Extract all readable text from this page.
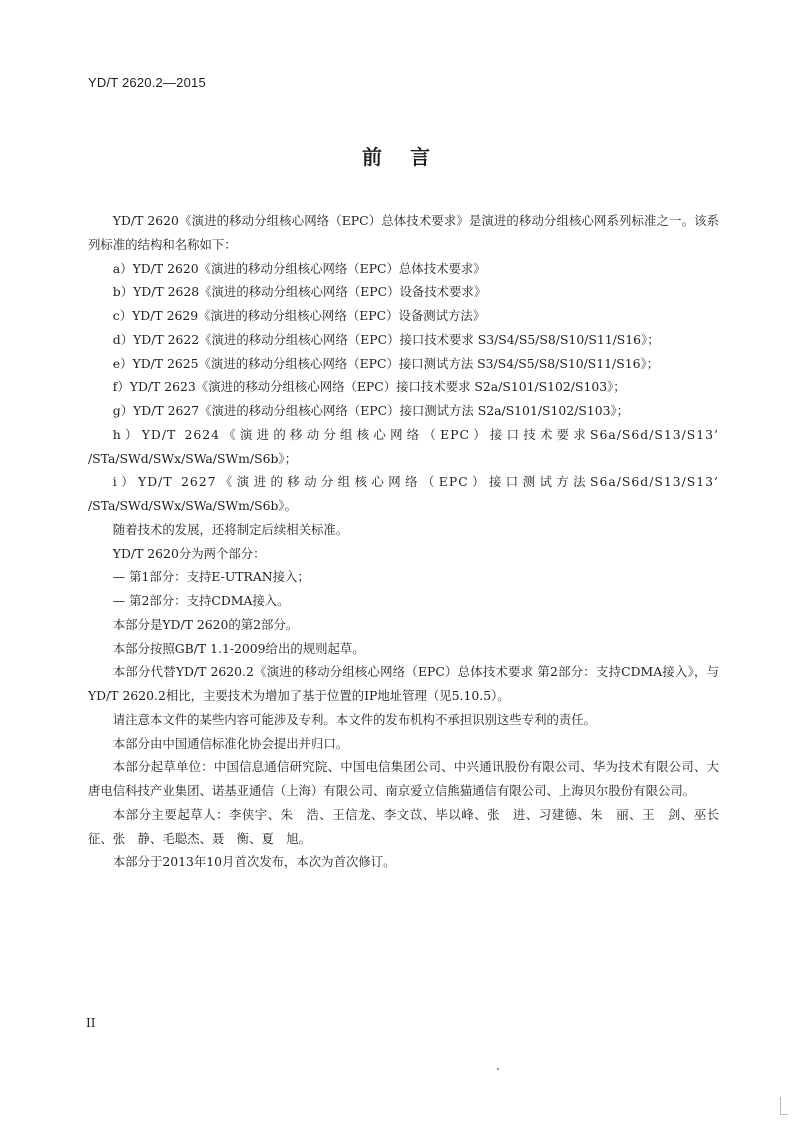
YD/T 2620.2—2015
前言

YD/T 2620《演进的移动分组核心网络（EPC）总体技术要求》是演进的移动分组核心网系列标准之一。该系列标准的结构和名称如下：

a）YD/T 2620《演进的移动分组核心网络（EPC）总体技术要求》

b）YD/T 2628《演进的移动分组核心网络（EPC）设备技术要求》

c）YD/T 2629《演进的移动分组核心网络（EPC）设备测试方法》

d）YD/T 2622《演进的移动分组核心网络（EPC）接口技术要求 S3/S4/S5/S8/S10/S11/S16》；

e）YD/T 2625《演进的移动分组核心网络（EPC）接口测试方法 S3/S4/S5/S8/S10/S11/S16》；

f）YD/T 2623《演进的移动分组核心网络（EPC）接口技术要求 S2a/S101/S102/S103》；

g）YD/T 2627《演进的移动分组核心网络（EPC）接口测试方法 S2a/S101/S102/S103》；

h）YD/T 2624《演进的移动分组核心网络（EPC）接口技术要求S6a/S6d/S13/S13’

/STa/SWd/SWx/SWa/SWm/S6b》；

i）YD/T 2627《演进的移动分组核心网络（EPC）接口测试方法S6a/S6d/S13/S13’

/STa/SWd/SWx/SWa/SWm/S6b》。

随着技术的发展，还将制定后续相关标准。

YD/T 2620分为两个部分：

— 第1部分：支持E-UTRAN接入；

— 第2部分：支持CDMA接入。

本部分是YD/T 2620的第2部分。

本部分按照GB/T 1.1-2009给出的规则起草。

本部分代替YD/T 2620.2《演进的移动分组核心网络（EPC）总体技术要求 第2部分：支持CDMA接入》，与YD/T 2620.2相比，主要技术为增加了基于位置的IP地址管理（见5.10.5）。

请注意本文件的某些内容可能涉及专利。本文件的发布机构不承担识别这些专利的责任。

本部分由中国通信标准化协会提出并归口。

本部分起草单位：中国信息通信研究院、中国电信集团公司、中兴通讯股份有限公司、华为技术有限公司、大唐电信科技产业集团、诺基亚通信（上海）有限公司、南京爱立信熊猫通信有限公司、上海贝尔股份有限公司。

本部分主要起草人：李侠宇、朱　浩、王信龙、李文苡、毕以峰、张　进、习建德、朱　丽、王　剑、巫长征、张　静、毛聪杰、聂　衡、夏　旭。

本部分于2013年10月首次发布，本次为首次修订。

II
